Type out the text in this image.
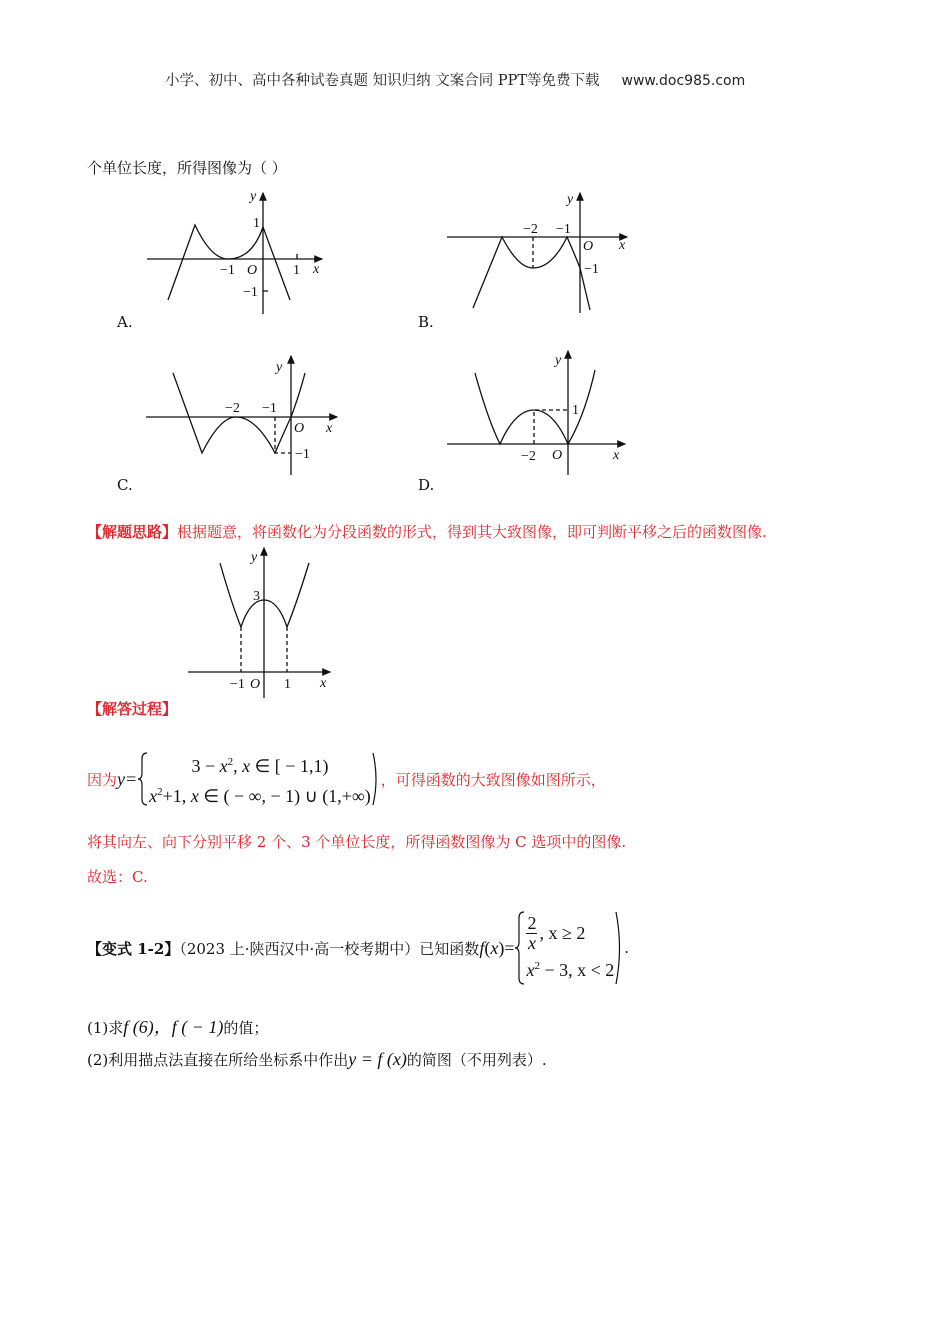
小学、初中、高中各种试卷真题 知识归纳 文案合同 PPT等免费下载 www.doc985.com
个单位长度，所得图像为（ ）
y
1
−1 O	1 x
−1
y
−2 −1
O x
−1
y
−2 −1
O x
−1
y
1
−2 O	x
y
3
−1 O 1 x
A.	B.
C.	D.
【解题思路】根据题意，将函数化为分段函数的形式，得到其大致图像，即可判断平移之后的函数图像.
【解答过程】
因为 y=
$3 - x^2$, x ∈ [ − 1,1)
$x^2+1$, x ∈ ( − ∞, − 1) ∪ (1,+∞)
，可得函数的大致图像如图所示，
将其向左、向下分别平移 2 个、3 个单位长度，所得函数图像为 C 选项中的图像.
故选：C.
【变式 1-2】（2023 上·陕西汉中·高一校考期中）已知函数 $f(x)= \frac{2}{x}$ , x ≥ 2
$x^2 - 3$, x < 2
.
(1)求f (6)，f ( − 1)的值；
(2)利用描点法直接在所给坐标系中作出y = f (x)的简图（不用列表）.
